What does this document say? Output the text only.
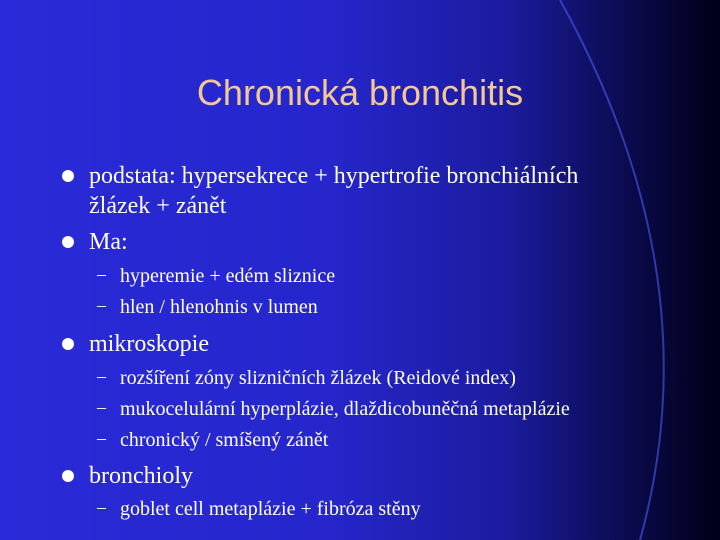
Chronická bronchitis
podstata: hypersekrece + hypertrofie bronchiálních
žlázek + zánět
Ma:
– hyperemie + edém sliznice
– hlen / hlenohnis v lumen
mikroskopie
– rozšíření zóny slizničních žlázek (Reidové index)
– mukocelulární hyperplázie, dlaždicobuněčná metaplázie
– chronický / smíšený zánět
bronchioly
– goblet cell metaplázie + fibróza stěny
